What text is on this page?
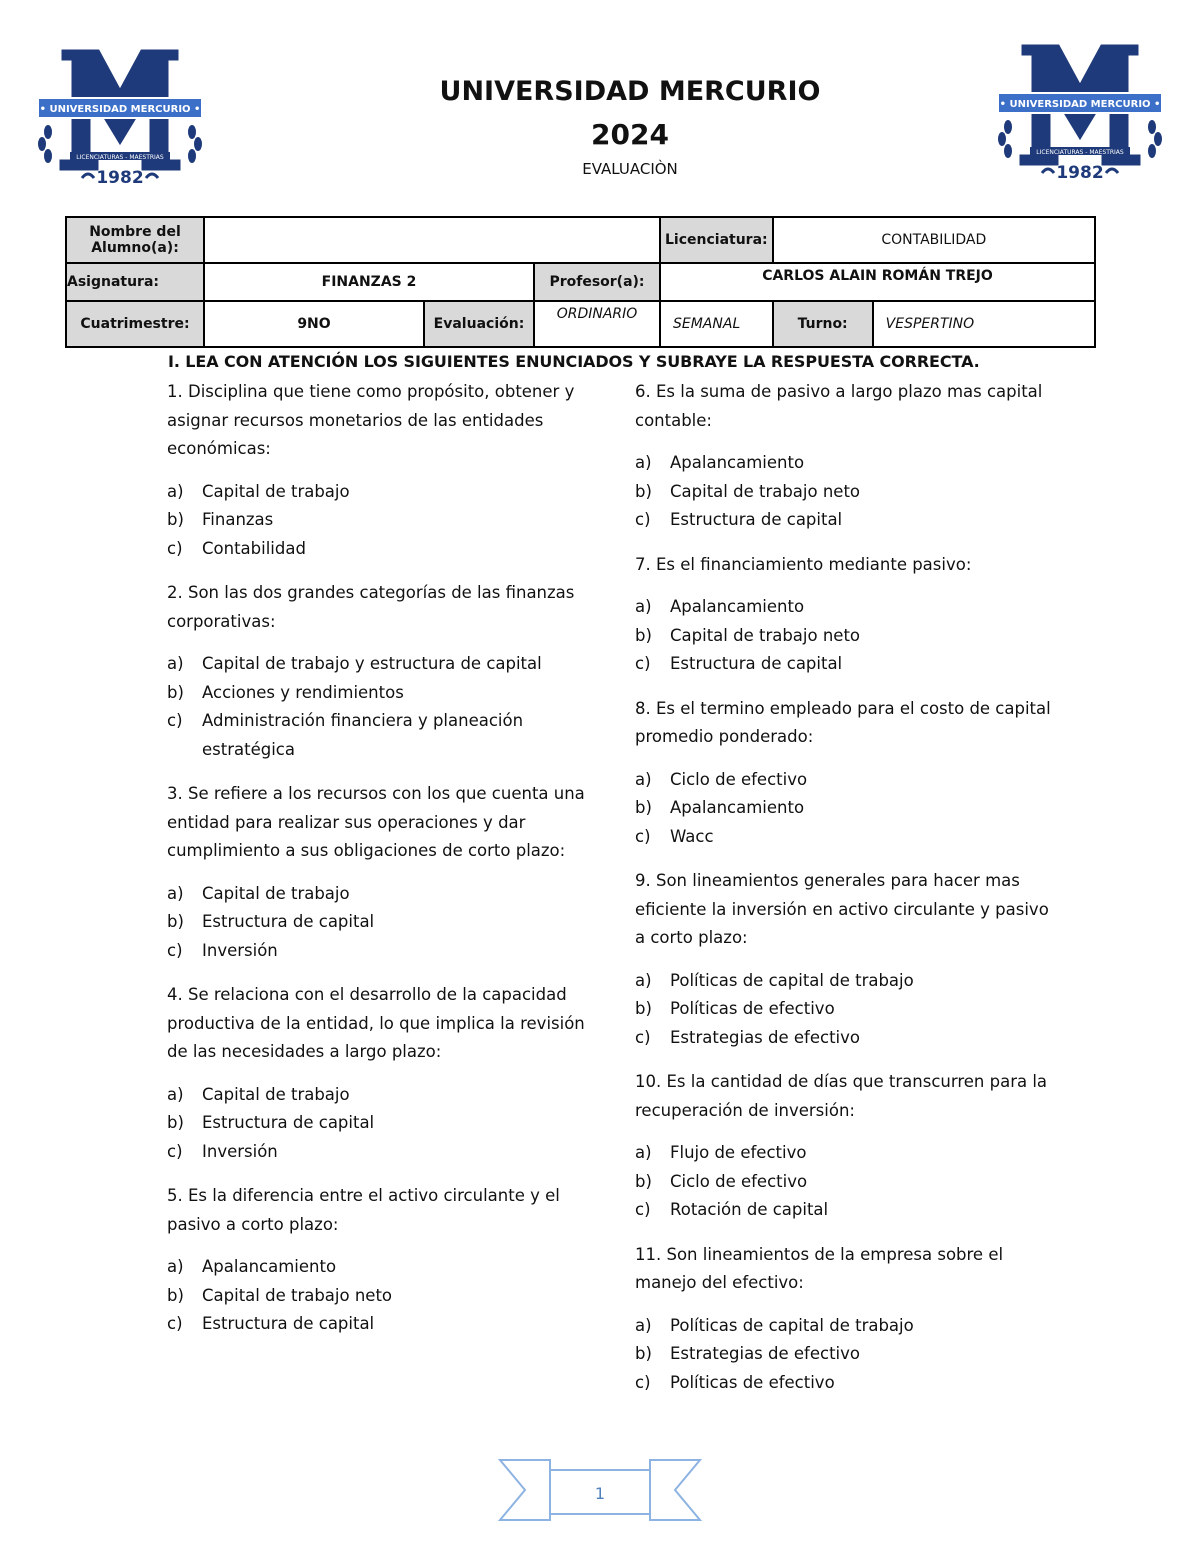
• UNIVERSIDAD MERCURIO •
LICENCIATURAS - MAESTRIAS
1982
• UNIVERSIDAD MERCURIO •
LICENCIATURAS - MAESTRIAS
1982
UNIVERSIDAD MERCURIO
2024
EVALUACIÒN
Nombre del Alumno(a):				Licenciatura:	CONTABILIDAD	
Asignatura:	FINANZAS 2		Profesor(a):	CARLOS ALAIN ROMÁN TREJO		
Cuatrimestre:	9NO	Evaluación:	ORDINARIO	SEMANAL	Turno:	VESPERTINO
I. LEA CON ATENCIÓN LOS SIGUIENTES ENUNCIADOS Y SUBRAYE LA RESPUESTA CORRECTA.
1. Disciplina que tiene como propósito, obtener y asignar recursos monetarios de las entidades económicas:
a) Capital de trabajo
b) Finanzas
c) Contabilidad
2. Son las dos grandes categorías de las finanzas corporativas:
a) Capital de trabajo y estructura de capital
b) Acciones y rendimientos
c) Administración financiera y planeación estratégica
3. Se refiere a los recursos con los que cuenta una entidad para realizar sus operaciones y dar cumplimiento a sus obligaciones de corto plazo:
a) Capital de trabajo
b) Estructura de capital
c) Inversión
4. Se relaciona con el desarrollo de la capacidad productiva de la entidad, lo que implica la revisión de las necesidades a largo plazo:
a) Capital de trabajo
b) Estructura de capital
c) Inversión
5. Es la diferencia entre el activo circulante y el pasivo a corto plazo:
a) Apalancamiento
b) Capital de trabajo neto
c) Estructura de capital
6. Es la suma de pasivo a largo plazo mas capital contable:
a) Apalancamiento
b) Capital de trabajo neto
c) Estructura de capital
7. Es el financiamiento mediante pasivo:
a) Apalancamiento
b) Capital de trabajo neto
c) Estructura de capital
8. Es el termino empleado para el costo de capital promedio ponderado:
a) Ciclo de efectivo
b) Apalancamiento
c) Wacc
9. Son lineamientos generales para hacer mas eficiente la inversión en activo circulante y pasivo a corto plazo:
a) Políticas de capital de trabajo
b) Políticas de efectivo
c) Estrategias de efectivo
10. Es la cantidad de días que transcurren para la recuperación de inversión:
a) Flujo de efectivo
b) Ciclo de efectivo
c) Rotación de capital
11. Son lineamientos de la empresa sobre el manejo del efectivo:
a) Políticas de capital de trabajo
b) Estrategias de efectivo
c) Políticas de efectivo
1
